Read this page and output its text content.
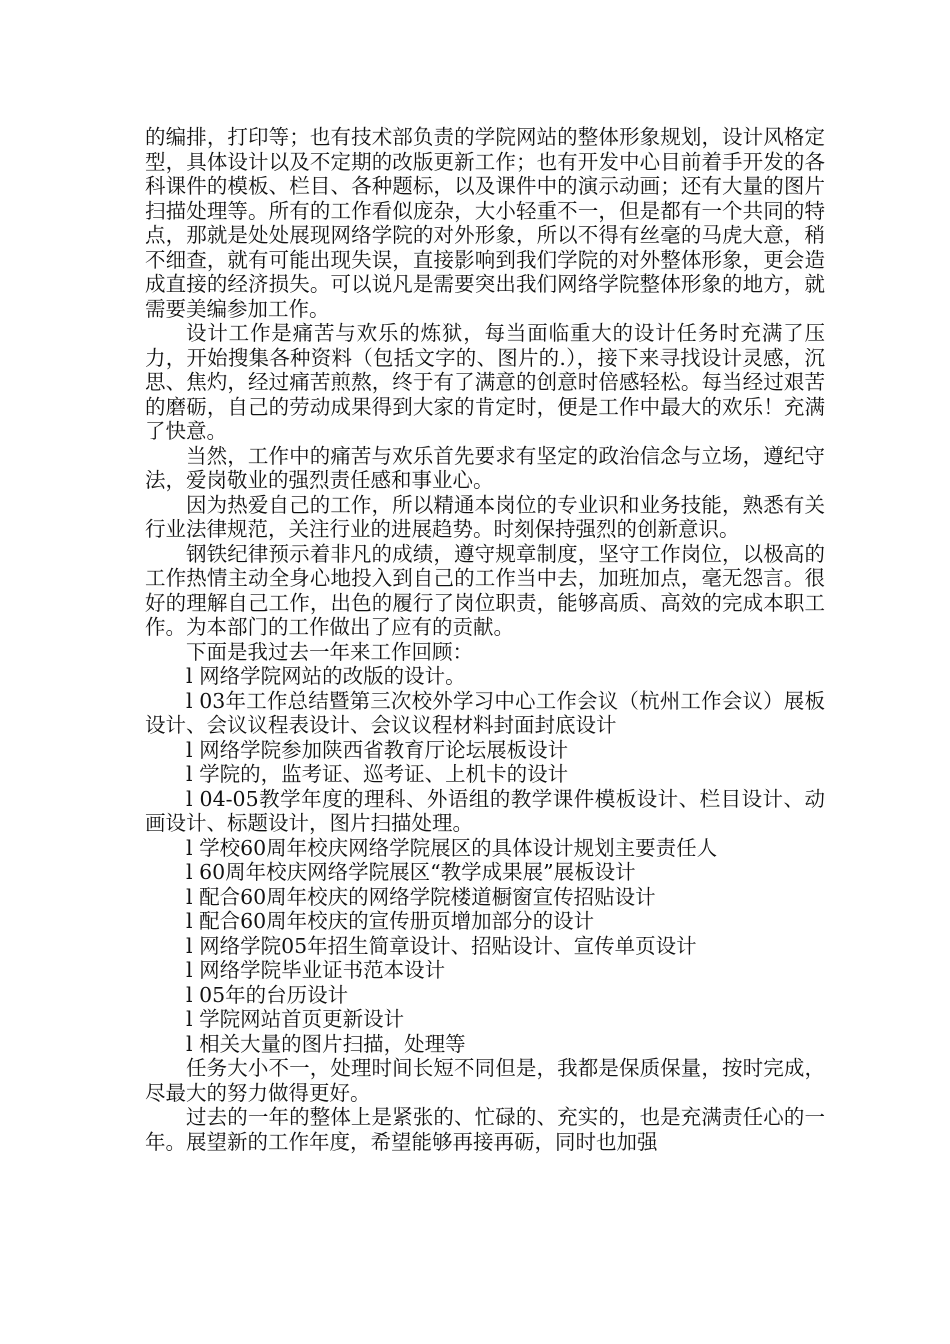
的编排，打印等；也有技术部负责的学院网站的整体形象规划，设计风格定型，具体设计以及不定期的改版更新工作；也有开发中心目前着手开发的各科课件的模板、栏目、各种题标，以及课件中的演示动画；还有大量的图片扫描处理等。所有的工作看似庞杂，大小轻重不一，但是都有一个共同的特点，那就是处处展现网络学院的对外形象，所以不得有丝毫的马虎大意，稍不细查，就有可能出现失误，直接影响到我们学院的对外整体形象，更会造成直接的经济损失。可以说凡是需要突出我们网络学院整体形象的地方，就需要美编参加工作。

设计工作是痛苦与欢乐的炼狱，每当面临重大的设计任务时充满了压力，开始搜集各种资料（包括文字的、图片的.），接下来寻找设计灵感，沉思、焦灼，经过痛苦煎熬，终于有了满意的创意时倍感轻松。每当经过艰苦的磨砺，自己的劳动成果得到大家的肯定时，便是工作中最大的欢乐！充满了快意。

当然，工作中的痛苦与欢乐首先要求有坚定的政治信念与立场，遵纪守法，爱岗敬业的强烈责任感和事业心。

因为热爱自己的工作，所以精通本岗位的专业识和业务技能，熟悉有关行业法律规范，关注行业的进展趋势。时刻保持强烈的创新意识。

钢铁纪律预示着非凡的成绩，遵守规章制度，坚守工作岗位，以极高的工作热情主动全身心地投入到自己的工作当中去，加班加点，毫无怨言。很好的理解自己工作，出色的履行了岗位职责，能够高质、高效的完成本职工作。为本部门的工作做出了应有的贡献。

下面是我过去一年来工作回顾：

l 网络学院网站的改版的设计。

l 03年工作总结暨第三次校外学习中心工作会议（杭州工作会议）展板设计、会议议程表设计、会议议程材料封面封底设计

l 网络学院参加陕西省教育厅论坛展板设计

l 学院的，监考证、巡考证、上机卡的设计

l 04-05教学年度的理科、外语组的教学课件模板设计、栏目设计、动画设计、标题设计，图片扫描处理。

l 学校60周年校庆网络学院展区的具体设计规划主要责任人

l 60周年校庆网络学院展区“教学成果展”展板设计

l 配合60周年校庆的网络学院楼道橱窗宣传招贴设计

l 配合60周年校庆的宣传册页增加部分的设计

l 网络学院05年招生简章设计、招贴设计、宣传单页设计

l 网络学院毕业证书范本设计

l 05年的台历设计

l 学院网站首页更新设计

l 相关大量的图片扫描，处理等

任务大小不一，处理时间长短不同但是，我都是保质保量，按时完成，尽最大的努力做得更好。

过去的一年的整体上是紧张的、忙碌的、充实的，也是充满责任心的一年。展望新的工作年度，希望能够再接再砺，同时也加强
